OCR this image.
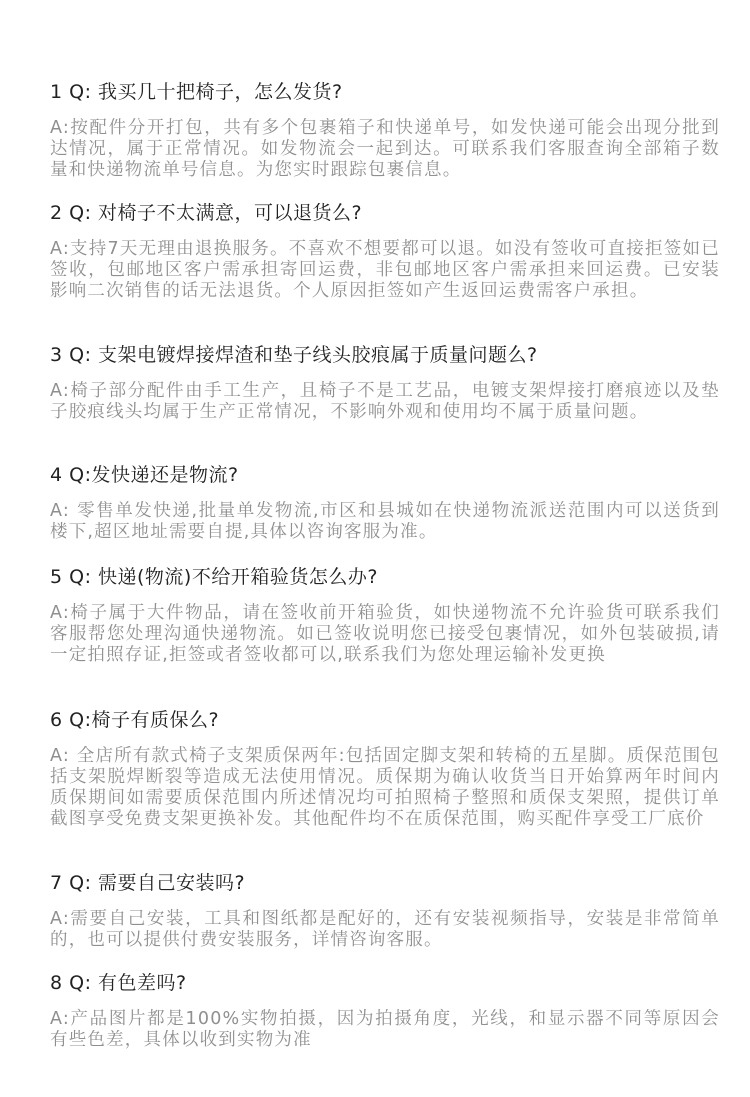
1 Q: 我买几十把椅子，怎么发货?
A:按配件分开打包，共有多个包裹箱子和快递单号，如发快递可能会出现分批到达情况，属于正常情况。如发物流会一起到达。可联系我们客服查询全部箱子数量和快递物流单号信息。为您实时跟踪包裹信息。
2 Q: 对椅子不太满意，可以退货么?
A:支持7天无理由退换服务。不喜欢不想要都可以退。如没有签收可直接拒签如已签收，包邮地区客户需承担寄回运费，非包邮地区客户需承担来回运费。已安装影响二次销售的话无法退货。个人原因拒签如产生返回运费需客户承担。
3 Q: 支架电镀焊接焊渣和垫子线头胶痕属于质量问题么?
A:椅子部分配件由手工生产，且椅子不是工艺品，电镀支架焊接打磨痕迹以及垫子胶痕线头均属于生产正常情况，不影响外观和使用均不属于质量问题。
4 Q:发快递还是物流?
A: 零售单发快递,批量单发物流,市区和县城如在快递物流派送范围内可以送货到楼下,超区地址需要自提,具体以咨询客服为准。
5 Q: 快递(物流)不给开箱验货怎么办?
A:椅子属于大件物品，请在签收前开箱验货，如快递物流不允许验货可联系我们客服帮您处理沟通快递物流。如已签收说明您已接受包裹情况，如外包装破损,请一定拍照存证,拒签或者签收都可以,联系我们为您处理运输补发更换
6 Q:椅子有质保么?
A: 全店所有款式椅子支架质保两年:包括固定脚支架和转椅的五星脚。质保范围包括支架脱焊断裂等造成无法使用情况。质保期为确认收货当日开始算两年时间内质保期间如需要质保范围内所述情况均可拍照椅子整照和质保支架照，提供订单截图享受免费支架更换补发。其他配件均不在质保范围，购买配件享受工厂底价
7 Q: 需要自己安装吗?
A:需要自己安装，工具和图纸都是配好的，还有安装视频指导，安装是非常简单的，也可以提供付费安装服务，详情咨询客服。
8 Q: 有色差吗?
A:产品图片都是100%实物拍摄，因为拍摄角度，光线，和显示器不同等原因会有些色差，具体以收到实物为准
